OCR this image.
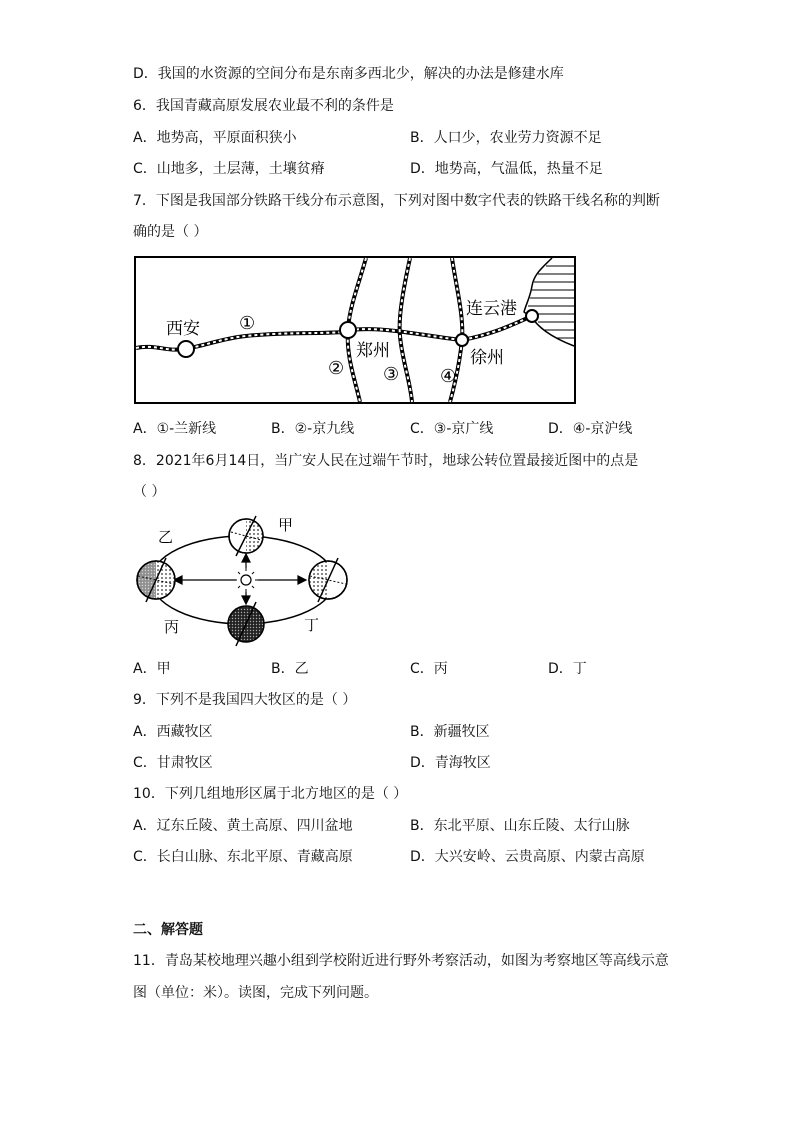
D．我国的水资源的空间分布是东南多西北少，解决的办法是修建水库
6．我国青藏高原发展农业最不利的条件是
A．地势高，平原面积狭小	B．人口少，农业劳力资源不足
C．山地多，土层薄，土壤贫瘠	D．地势高，气温低，热量不足
7．下图是我国部分铁路干线分布示意图，下列对图中数字代表的铁路干线名称的判断
确的是（ ）
西安
郑州	徐州
连云港
①
② ③ ④
A．①-兰新线	B．②-京九线	C．③-京广线	D．④-京沪线
8．2021年6月14日，当广安人民在过端午节时，地球公转位置最接近图中的点是
（ ）
甲
乙
丙	丁
A．甲	B．乙	C．丙	D．丁
9．下列不是我国四大牧区的是（ ）
A．西藏牧区	B．新疆牧区
C．甘肃牧区	D．青海牧区
10．下列几组地形区属于北方地区的是（ ）
A．辽东丘陵、黄土高原、四川盆地	B．东北平原、山东丘陵、太行山脉
C．长白山脉、东北平原、青藏高原	D．大兴安岭、云贵高原、内蒙古高原
二、解答题
11．青岛某校地理兴趣小组到学校附近进行野外考察活动，如图为考察地区等高线示意
图（单位：米）。读图，完成下列问题。
